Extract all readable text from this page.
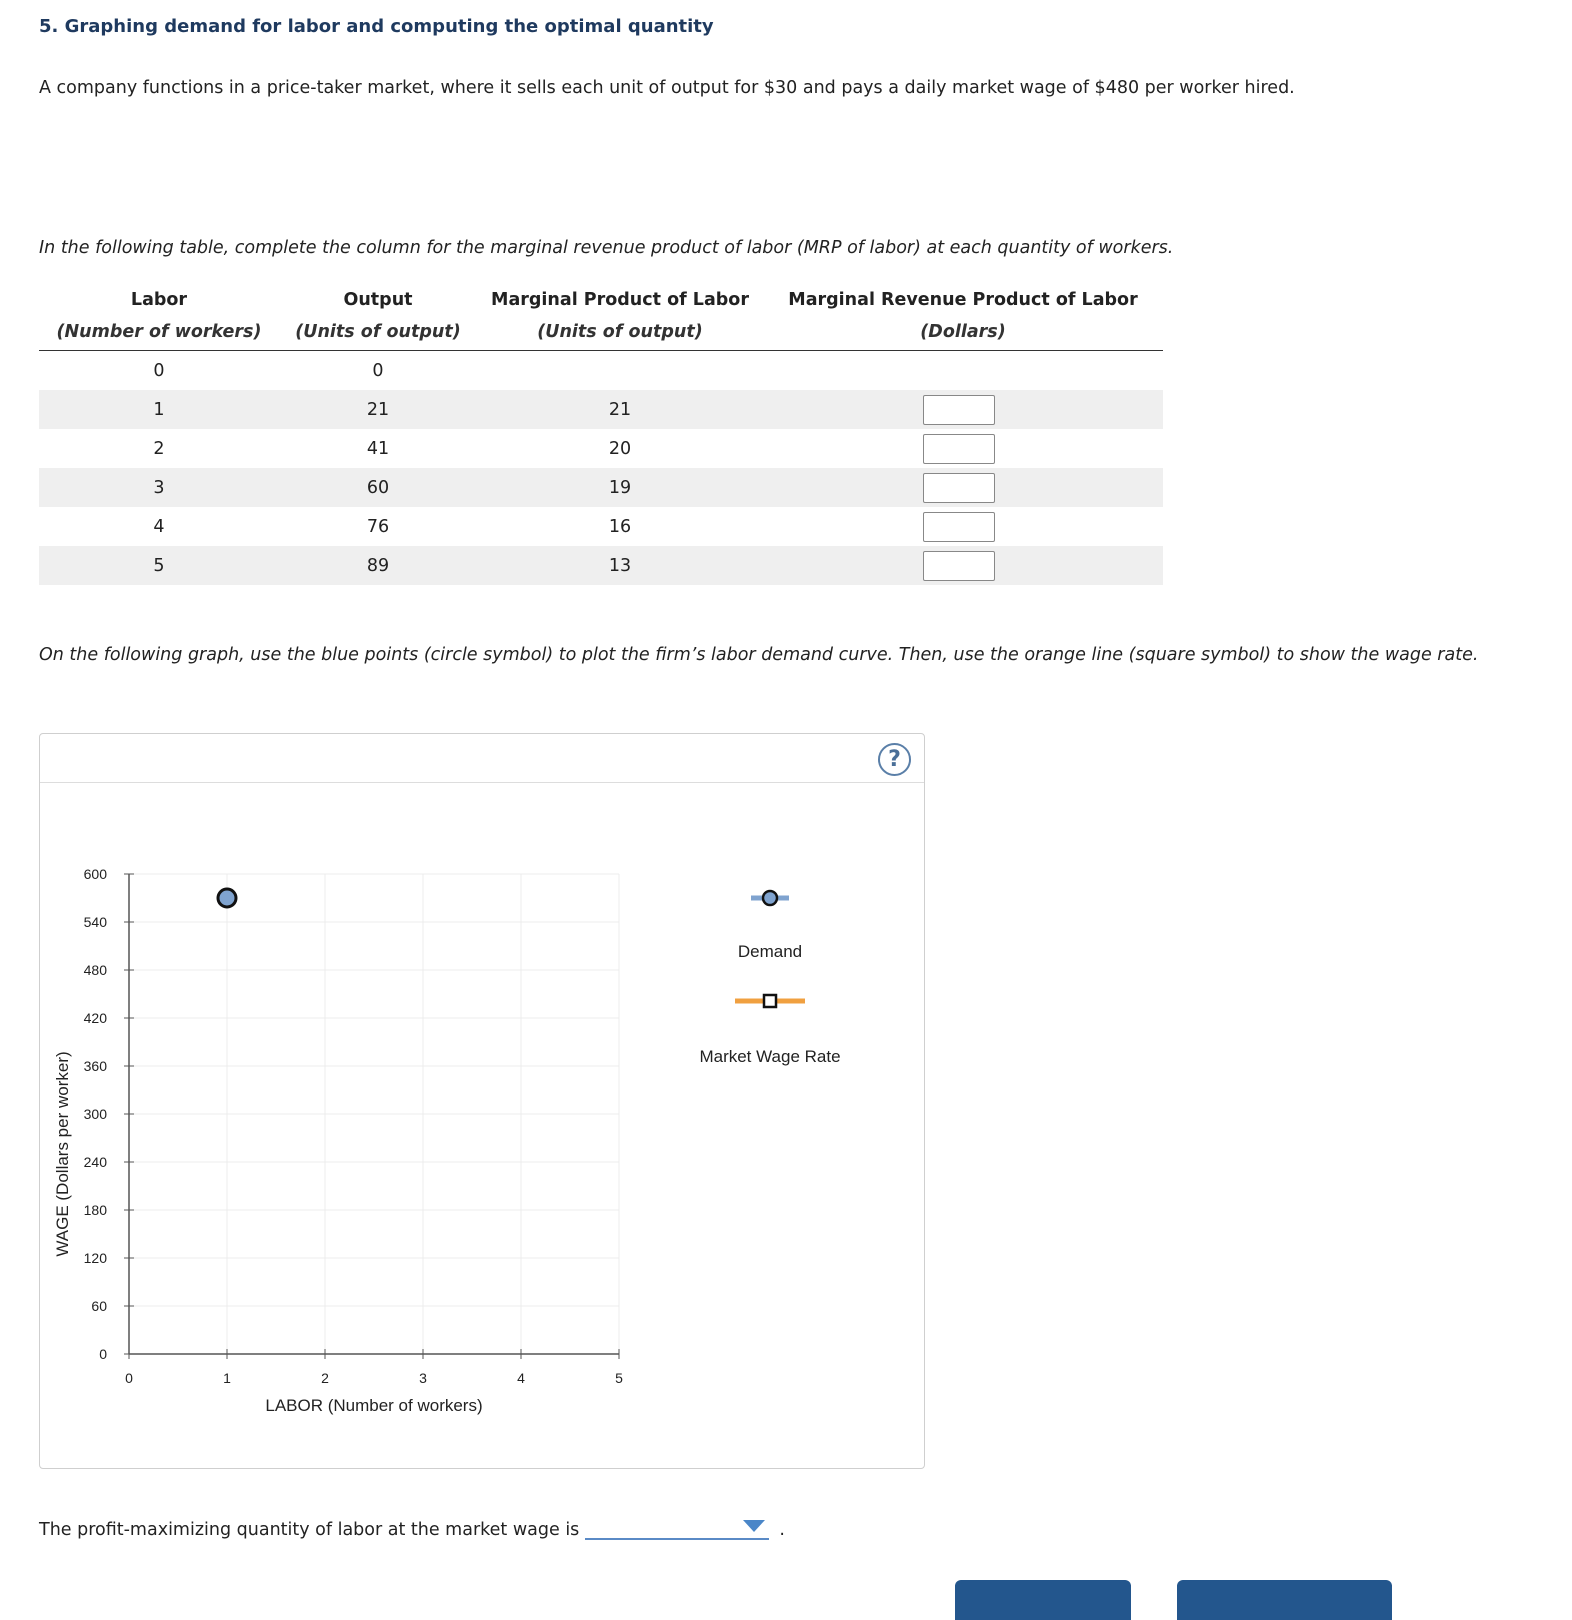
5. Graphing demand for labor and computing the optimal quantity

A company functions in a price-taker market, where it sells each unit of output for $30 and pays a daily market wage of $480 per worker hired.

In the following table, complete the column for the marginal revenue product of labor (MRP of labor) at each quantity of workers.

Labor	Output	Marginal Product of Labor	Marginal Revenue Product of Labor
(Number of workers)	(Units of output)	(Units of output)	(Dollars)
0	0		
1	21	21	
2	41	20	
3	60	19	
4	76	16	
5	89	13	

On the following graph, use the blue points (circle symbol) to plot the firm’s labor demand curve. Then, use the orange line (square symbol) to show the wage rate.

?
0
60
120
180
240
300
360
420
480
540
600
0	1	2	3	4	5
LABOR (Number of workers)
WAGE (Dollars per worker)
Demand
Market Wage Rate

The profit-maximizing quantity of labor at the market wage is	.
